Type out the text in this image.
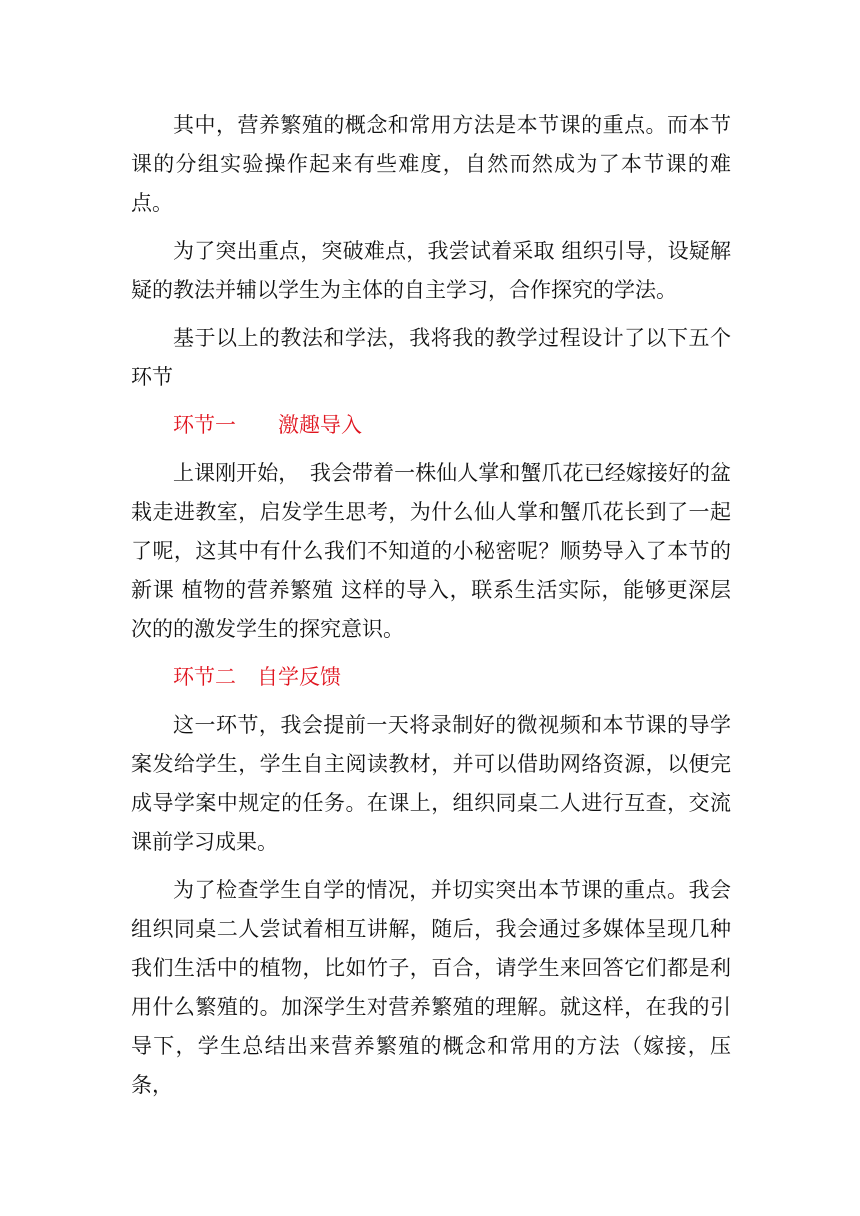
其中，营养繁殖的概念和常用方法是本节课的重点。而本节课的分组实验操作起来有些难度，自然而然成为了本节课的难点。

为了突出重点，突破难点，我尝试着采取 组织引导，设疑解疑的教法并辅以学生为主体的自主学习，合作探究的学法。

基于以上的教法和学法，我将我的教学过程设计了以下五个环节

环节一　　激趣导入

上课刚开始，　我会带着一株仙人掌和蟹爪花已经嫁接好的盆栽走进教室，启发学生思考，为什么仙人掌和蟹爪花长到了一起了呢，这其中有什么我们不知道的小秘密呢？顺势导入了本节的新课 植物的营养繁殖 这样的导入，联系生活实际，能够更深层次的的激发学生的探究意识。

环节二　自学反馈

这一环节，我会提前一天将录制好的微视频和本节课的导学案发给学生，学生自主阅读教材，并可以借助网络资源，以便完成导学案中规定的任务。在课上，组织同桌二人进行互查，交流课前学习成果。

为了检查学生自学的情况，并切实突出本节课的重点。我会组织同桌二人尝试着相互讲解，随后，我会通过多媒体呈现几种我们生活中的植物，比如竹子，百合，请学生来回答它们都是利用什么繁殖的。加深学生对营养繁殖的理解。就这样，在我的引导下，学生总结出来营养繁殖的概念和常用的方法（嫁接，压条，
